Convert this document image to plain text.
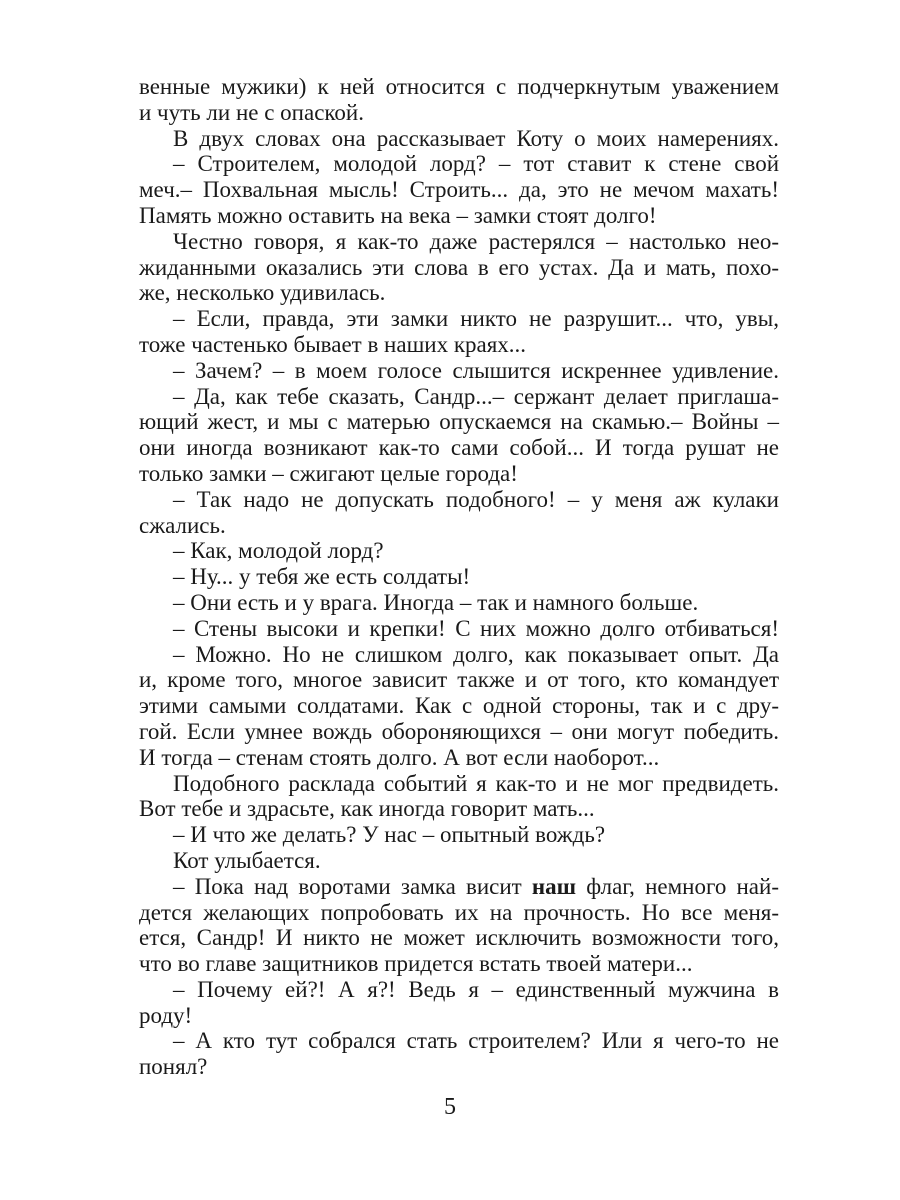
венные мужики) к ней относится с подчеркнутым уважением
и чуть ли не с опаской.
В двух словах она рассказывает Коту о моих намерениях.
– Строителем, молодой лорд? – тот ставит к стене свой
меч.– Похвальная мысль! Строить... да, это не мечом махать!
Память можно оставить на века – замки стоят долго!
Честно говоря, я как-то даже растерялся – настолько нео-
жиданными оказались эти слова в его устах. Да и мать, похо-
же, несколько удивилась.
– Если, правда, эти замки никто не разрушит... что, увы,
тоже частенько бывает в наших краях...
– Зачем? – в моем голосе слышится искреннее удивление.
– Да, как тебе сказать, Сандр...– сержант делает приглаша-
ющий жест, и мы с матерью опускаемся на скамью.– Войны –
они иногда возникают как-то сами собой... И тогда рушат не
только замки – сжигают целые города!
– Так надо не допускать подобного! – у меня аж кулаки
сжались.
– Как, молодой лорд?
– Ну... у тебя же есть солдаты!
– Они есть и у врага. Иногда – так и намного больше.
– Стены высоки и крепки! С них можно долго отбиваться!
– Можно. Но не слишком долго, как показывает опыт. Да
и, кроме того, многое зависит также и от того, кто командует
этими самыми солдатами. Как с одной стороны, так и с дру-
гой. Если умнее вождь обороняющихся – они могут победить.
И тогда – стенам стоять долго. А вот если наоборот...
Подобного расклада событий я как-то и не мог предвидеть.
Вот тебе и здрасьте, как иногда говорит мать...
– И что же делать? У нас – опытный вождь?
Кот улыбается.
– Пока над воротами замка висит наш флаг, немного най-
дется желающих попробовать их на прочность. Но все меня-
ется, Сандр! И никто не может исключить возможности того,
что во главе защитников придется встать твоей матери...
– Почему ей?! А я?! Ведь я – единственный мужчина в
роду!
– А кто тут собрался стать строителем? Или я чего-то не
понял?
5
